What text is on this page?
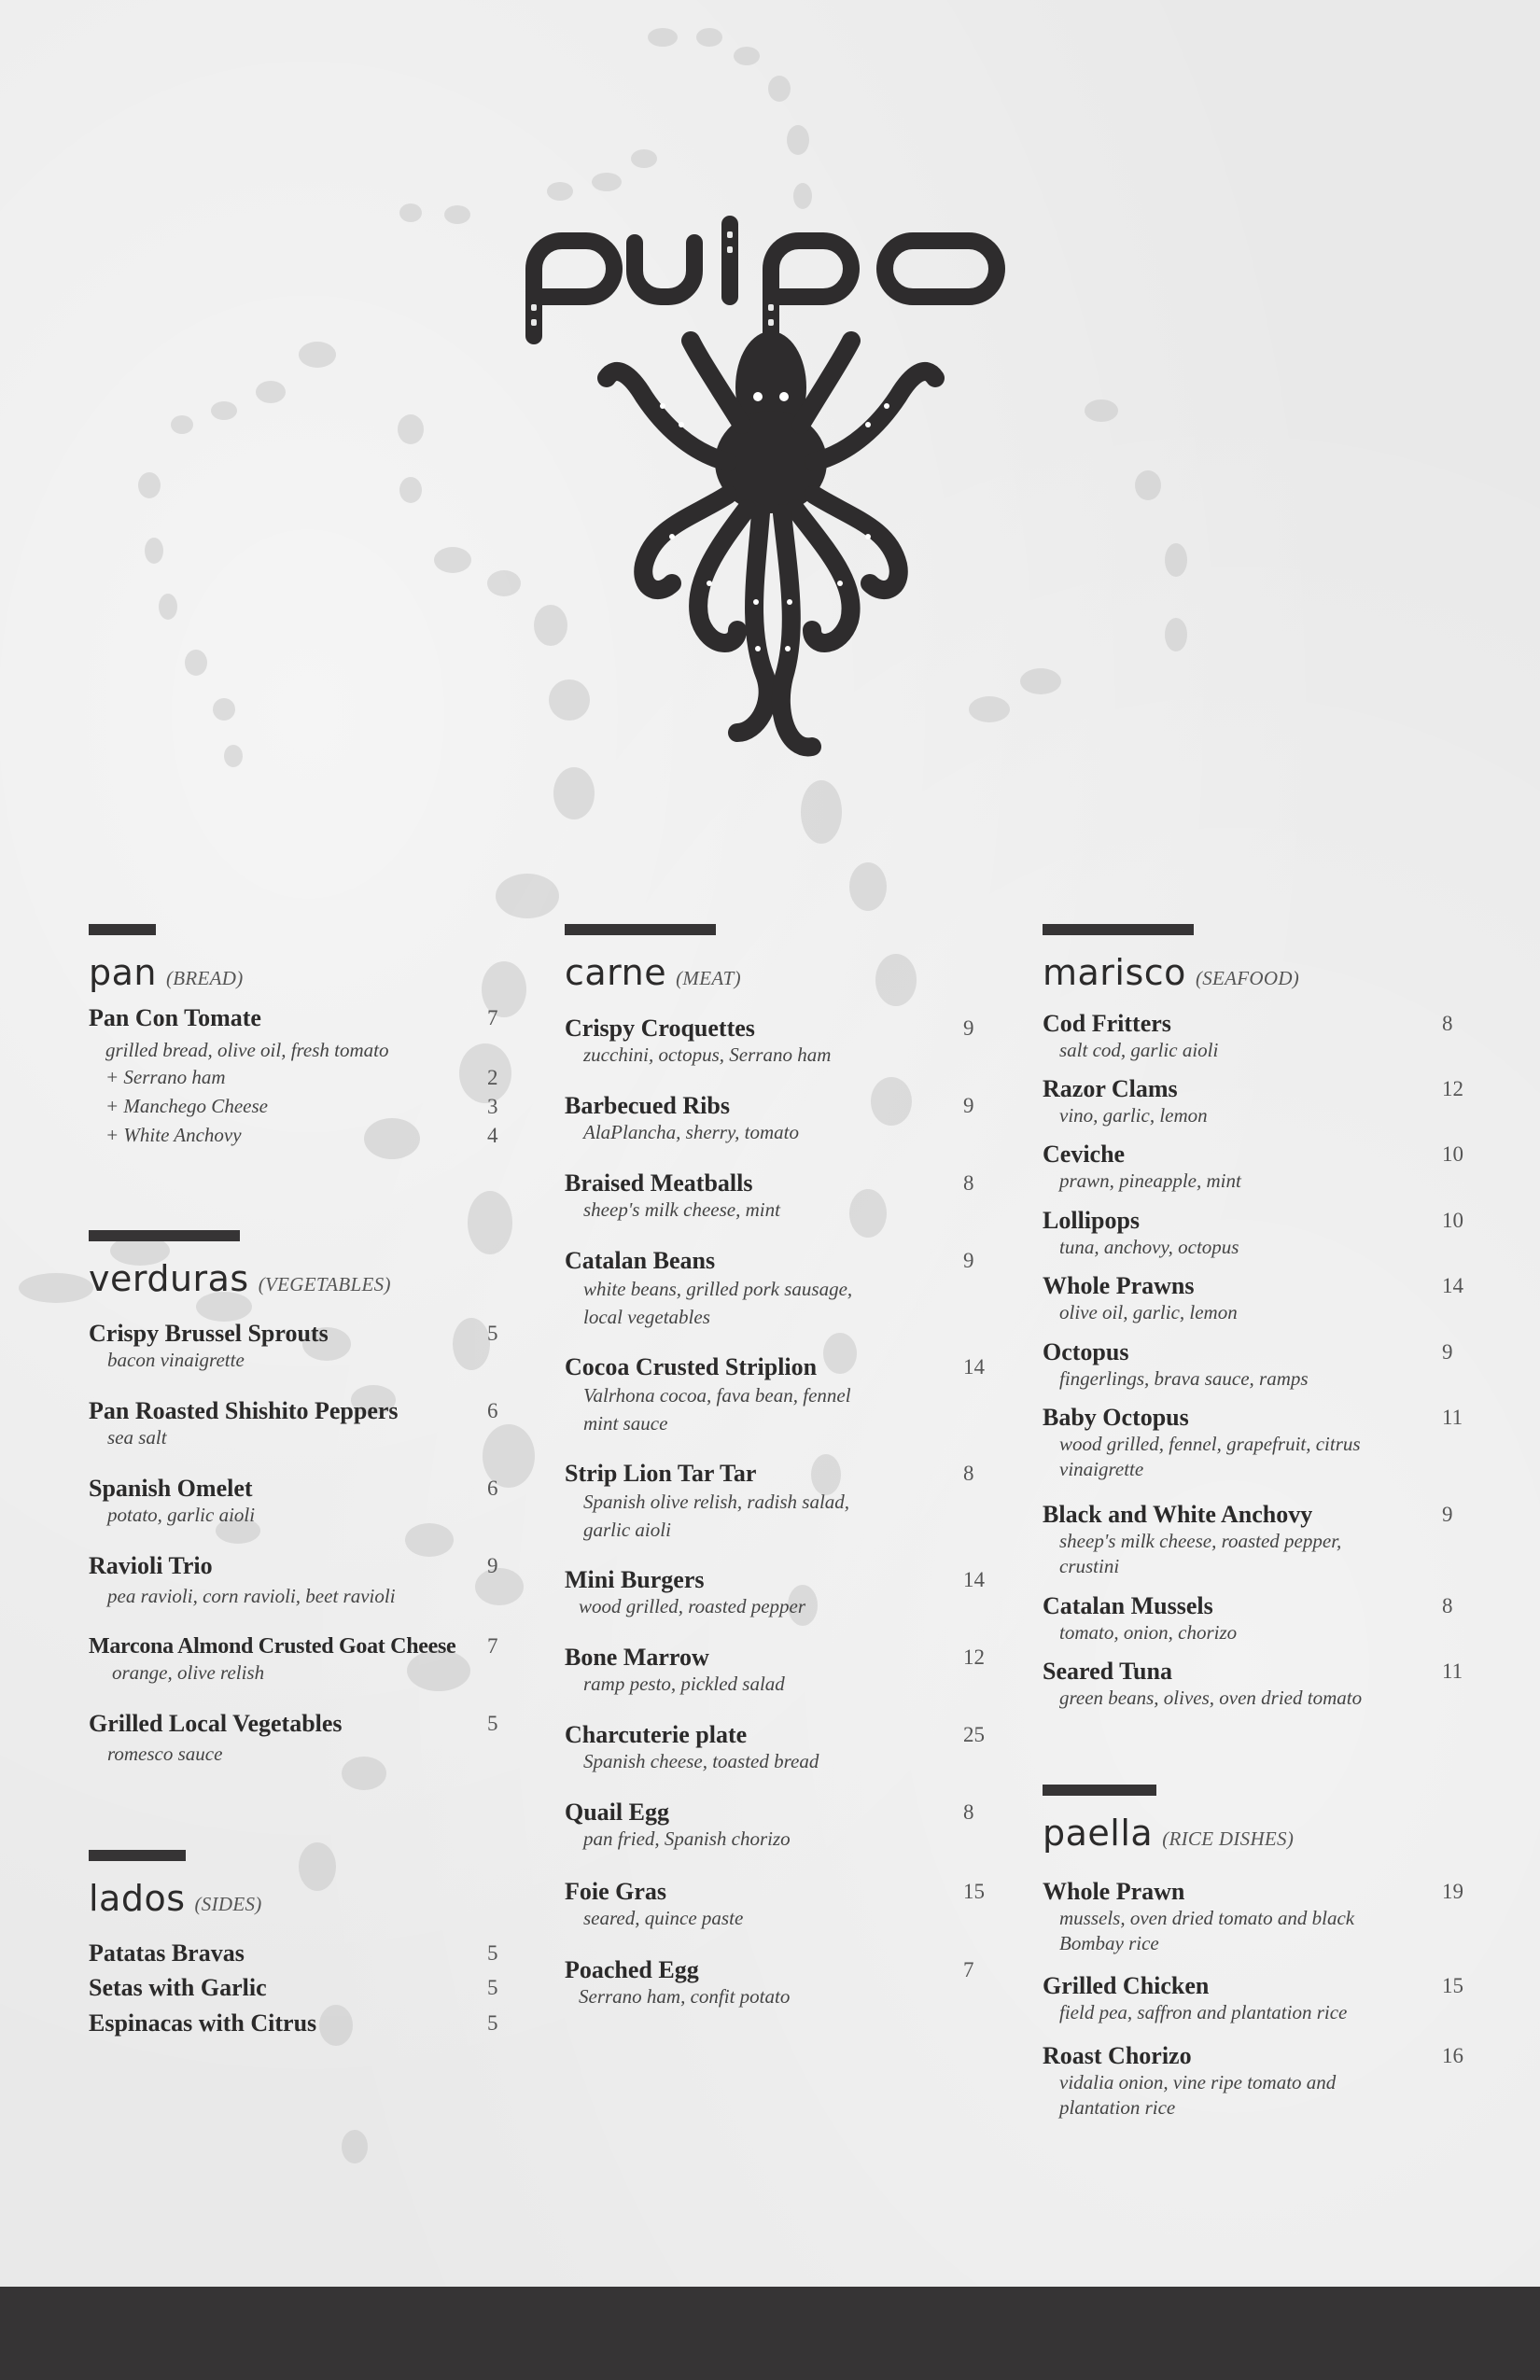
pan (BREAD)
Pan Con Tomate	7
grilled bread, olive oil, fresh tomato
+ Serrano ham	2
+ Manchego Cheese	3
+ White Anchovy	4
verduras (VEGETABLES)
Crispy Brussel Sprouts	5
bacon vinaigrette
Pan Roasted Shishito Peppers	6
sea salt
Spanish Omelet	6
potato, garlic aioli
Ravioli Trio	9
pea ravioli, corn ravioli, beet ravioli
Marcona Almond Crusted Goat Cheese	7
orange, olive relish
Grilled Local Vegetables	5
romesco sauce
lados (SIDES)
Patatas Bravas	5
Setas with Garlic	5
Espinacas with Citrus	5
carne (MEAT)
Crispy Croquettes	9
zucchini, octopus, Serrano ham
Barbecued Ribs	9
AlaPlancha, sherry, tomato
Braised Meatballs	8
sheep's milk cheese, mint
Catalan Beans	9
white beans, grilled pork sausage, local vegetables
Cocoa Crusted Striplion	14
Valrhona cocoa, fava bean, fennel mint sauce
Strip Lion Tar Tar	8
Spanish olive relish, radish salad, garlic aioli
Mini Burgers	14
wood grilled, roasted pepper
Bone Marrow	12
ramp pesto, pickled salad
Charcuterie plate	25
Spanish cheese, toasted bread
Quail Egg	8
pan fried, Spanish chorizo
Foie Gras	15
seared, quince paste
Poached Egg	7
Serrano ham, confit potato
marisco (SEAFOOD)
Cod Fritters	8
salt cod, garlic aioli
Razor Clams	12
vino, garlic, lemon
Ceviche	10
prawn, pineapple, mint
Lollipops	10
tuna, anchovy, octopus
Whole Prawns	14
olive oil, garlic, lemon
Octopus	9
fingerlings, brava sauce, ramps
Baby Octopus	11
wood grilled, fennel, grapefruit, citrus vinaigrette
Black and White Anchovy	9
sheep's milk cheese, roasted pepper, crustini
Catalan Mussels	8
tomato, onion, chorizo
Seared Tuna	11
green beans, olives, oven dried tomato
paella (RICE DISHES)
Whole Prawn	19
mussels, oven dried tomato and black Bombay rice
Grilled Chicken	15
field pea, saffron and plantation rice
Roast Chorizo	16
vidalia onion, vine ripe tomato and plantation rice
